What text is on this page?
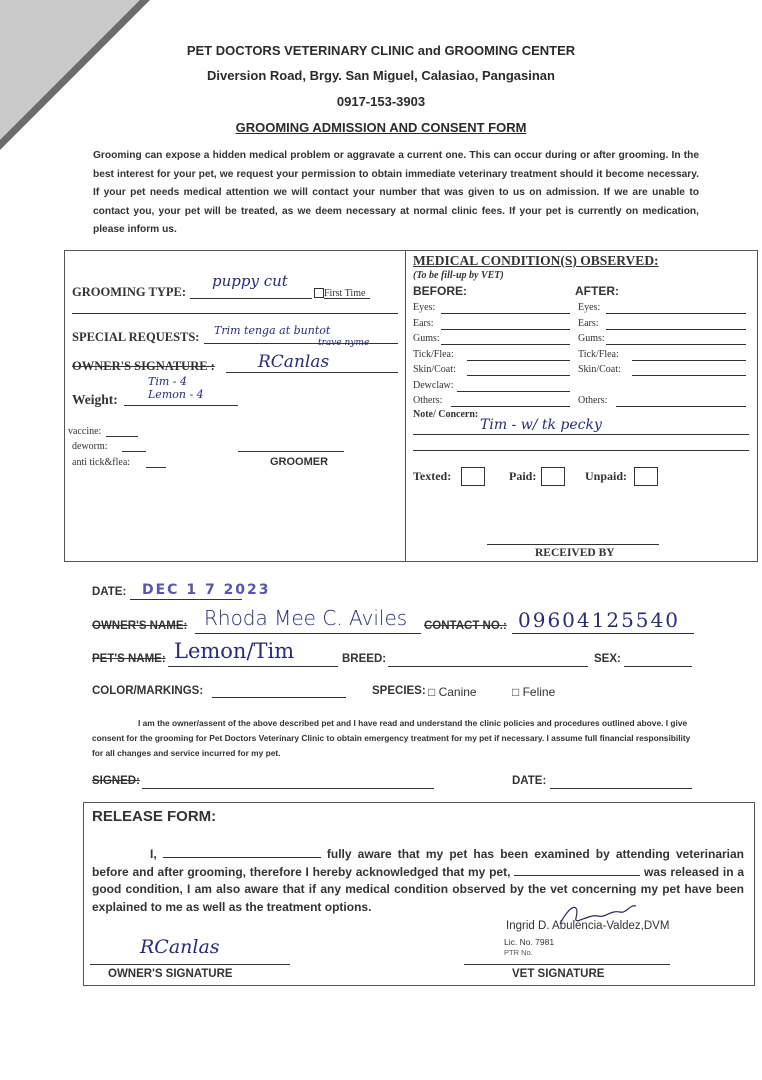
PET DOCTORS VETERINARY CLINIC and GROOMING CENTER
Diversion Road, Brgy. San Miguel, Calasiao, Pangasinan
0917-153-3903
GROOMING ADMISSION AND CONSENT FORM
Grooming can expose a hidden medical problem or aggravate a current one. This can occur during or after grooming. In the best interest for your pet, we request your permission to obtain immediate veterinary treatment should it become necessary. If your pet needs medical attention we will contact your number that was given to us on admission. If we are unable to contact you, your pet will be treated, as we deem necessary at normal clinic fees. If your pet is currently on medication, please inform us.
GROOMING TYPE:
puppy cut
First Time
SPECIAL REQUESTS: Trim tenga at buntot
trave nyme
OWNER'S SIGNATURE :	RCanlas
Weight:
Tim - 4
Lemon - 4
vaccine:
deworm:
anti tick&flea:	GROOMER
MEDICAL CONDITION(S) OBSERVED:
(To be fill-up by VET)
BEFORE:	AFTER:
Eyes:	Eyes:
Ears:	Ears:
Gums:	Gums:
Tick/Flea:	Tick/Flea:
Skin/Coat:	Skin/Coat:
Dewclaw:
Others:	Others:
Note/ Concern:
Tim - w/ tk pecky
Texted:	Paid:	Unpaid:
RECEIVED BY
DATE: DEC 1 7 2023
OWNER'S NAME: Rhoda Mee C. Aviles CONTACT NO.: 09604125540
PET'S NAME: Lemon/Tim	BREED:	SEX:
COLOR/MARKINGS:	SPECIES: □ Canine	□ Feline
I am the owner/assent of the above described pet and I have read and understand the clinic policies and procedures outlined above. I give consent for the grooming for Pet Doctors Veterinary Clinic to obtain emergency treatment for my pet if necessary. I assume full financial responsibility for all changes and service incurred for my pet.
SIGNED:	DATE:
RELEASE FORM:
I,	fully aware that my pet has been examined by attending veterinarian before and after grooming, therefore I hereby acknowledged that my pet,	was released in a good condition, I am also aware that if any medical condition observed by the vet concerning my pet have been explained to me as well as the treatment options.
RCanlas
OWNER'S SIGNATURE
Ingrid D. Abulencia-Valdez,DVM
Lic. No. 7981
PTR No.
VET SIGNATURE
